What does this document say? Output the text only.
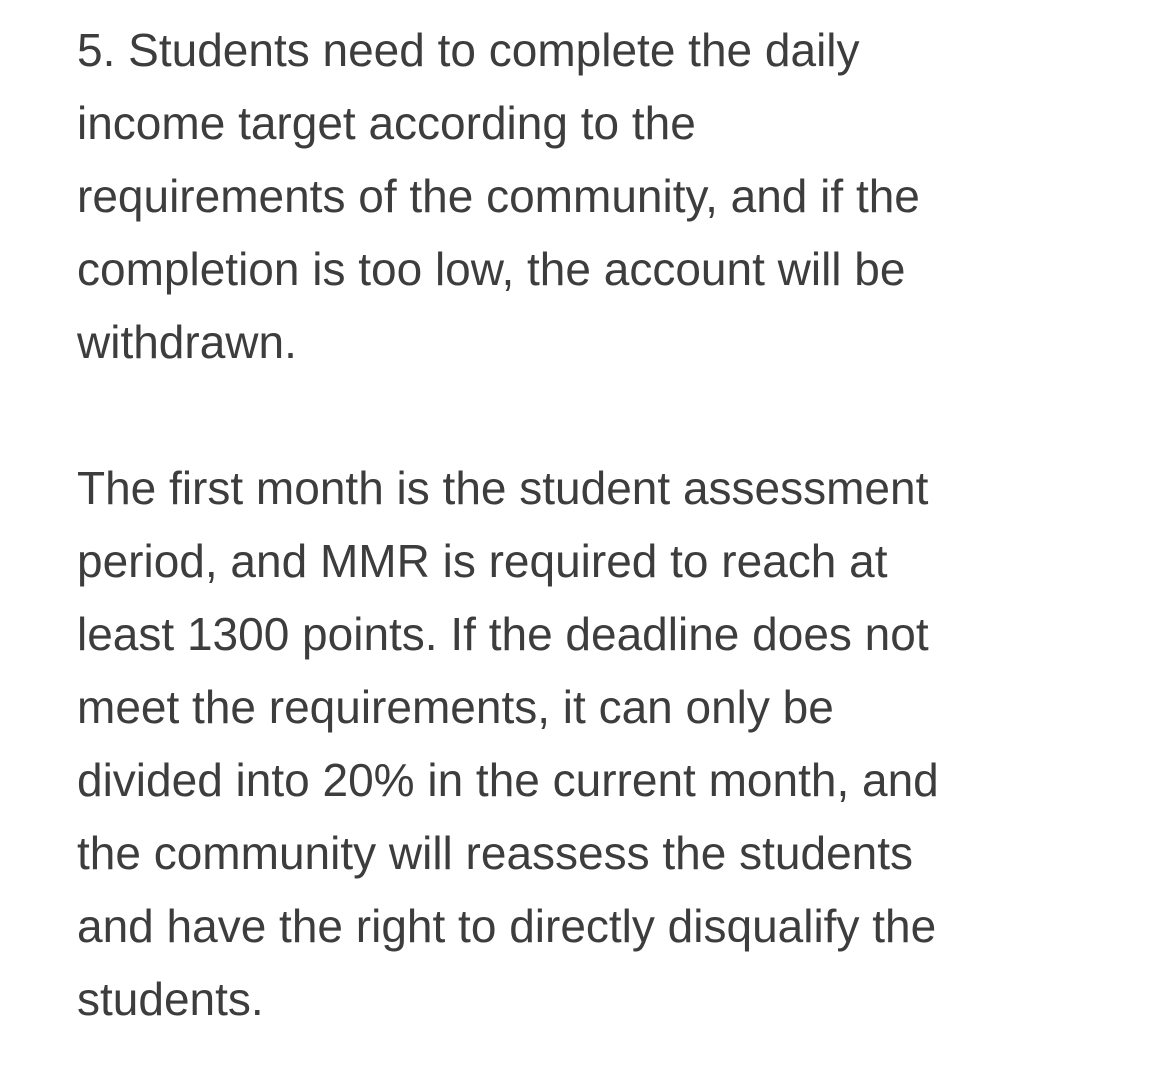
5. Students need to complete the daily
income target according to the
requirements of the community, and if the
completion is too low, the account will be
withdrawn.

The first month is the student assessment
period, and MMR is required to reach at
least 1300 points. If the deadline does not
meet the requirements, it can only be
divided into 20% in the current month, and
the community will reassess the students
and have the right to directly disqualify the
students.
